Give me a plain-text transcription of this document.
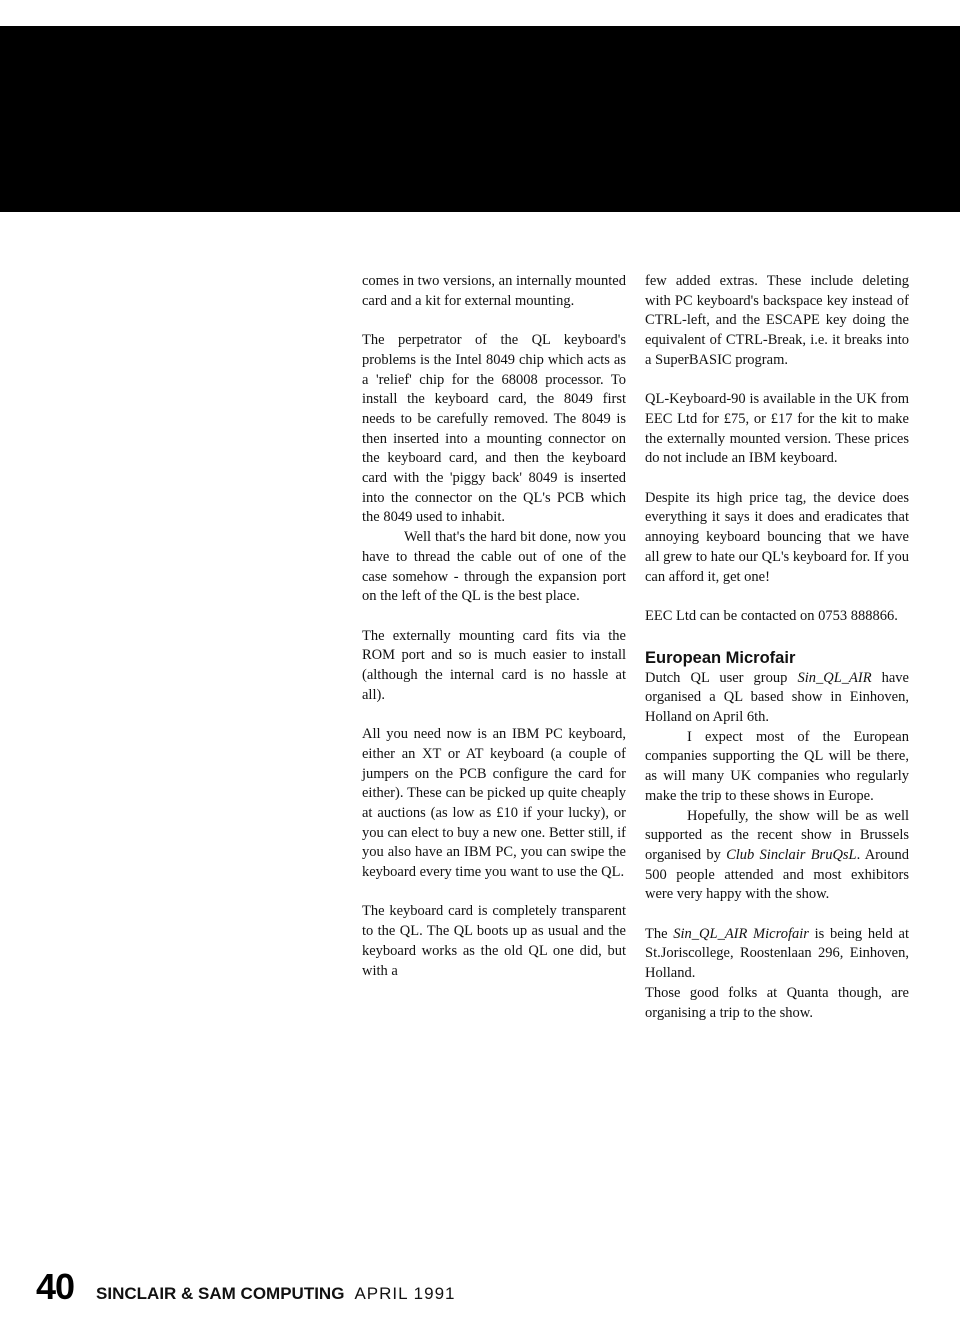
comes in two versions, an internally mounted card and a kit for external mounting.

The perpetrator of the QL keyboard's problems is the Intel 8049 chip which acts as a 'relief' chip for the 68008 processor. To install the keyboard card, the 8049 first needs to be carefully removed. The 8049 is then inserted into a mounting connector on the keyboard card, and then the keyboard card with the 'piggy back' 8049 is inserted into the connector on the QL's PCB which the 8049 used to inhabit.

Well that's the hard bit done, now you have to thread the cable out of one of the case somehow - through the expansion port on the left of the QL is the best place.

The externally mounting card fits via the ROM port and so is much easier to install (although the internal card is no hassle at all).

All you need now is an IBM PC keyboard, either an XT or AT keyboard (a couple of jumpers on the PCB configure the card for either). These can be picked up quite cheaply at auctions (as low as £10 if your lucky), or you can elect to buy a new one. Better still, if you also have an IBM PC, you can swipe the keyboard every time you want to use the QL.

The keyboard card is completely transparent to the QL. The QL boots up as usual and the keyboard works as the old QL one did, but with a

few added extras. These include deleting with PC keyboard's backspace key instead of CTRL-left, and the ESCAPE key doing the equivalent of CTRL-Break, i.e. it breaks into a SuperBASIC program.

QL-Keyboard-90 is available in the UK from EEC Ltd for £75, or £17 for the kit to make the externally mounted version. These prices do not include an IBM keyboard.

Despite its high price tag, the device does everything it says it does and eradicates that annoying keyboard bouncing that we have all grew to hate our QL's keyboard for. If you can afford it, get one!

EEC Ltd can be contacted on 0753 888866.

European Microfair

Dutch QL user group Sin_QL_AIR have organised a QL based show in Einhoven, Holland on April 6th.

I expect most of the European companies supporting the QL will be there, as will many UK companies who regularly make the trip to these shows in Europe.

Hopefully, the show will be as well supported as the recent show in Brussels organised by Club Sinclair BruQsL. Around 500 people attended and most exhibitors were very happy with the show.

The Sin_QL_AIR Microfair is being held at St.Joriscollege, Roostenlaan 296, Einhoven, Holland.

Those good folks at Quanta though, are organising a trip to the show.

40 SINCLAIR & SAM COMPUTING APRIL 1991
